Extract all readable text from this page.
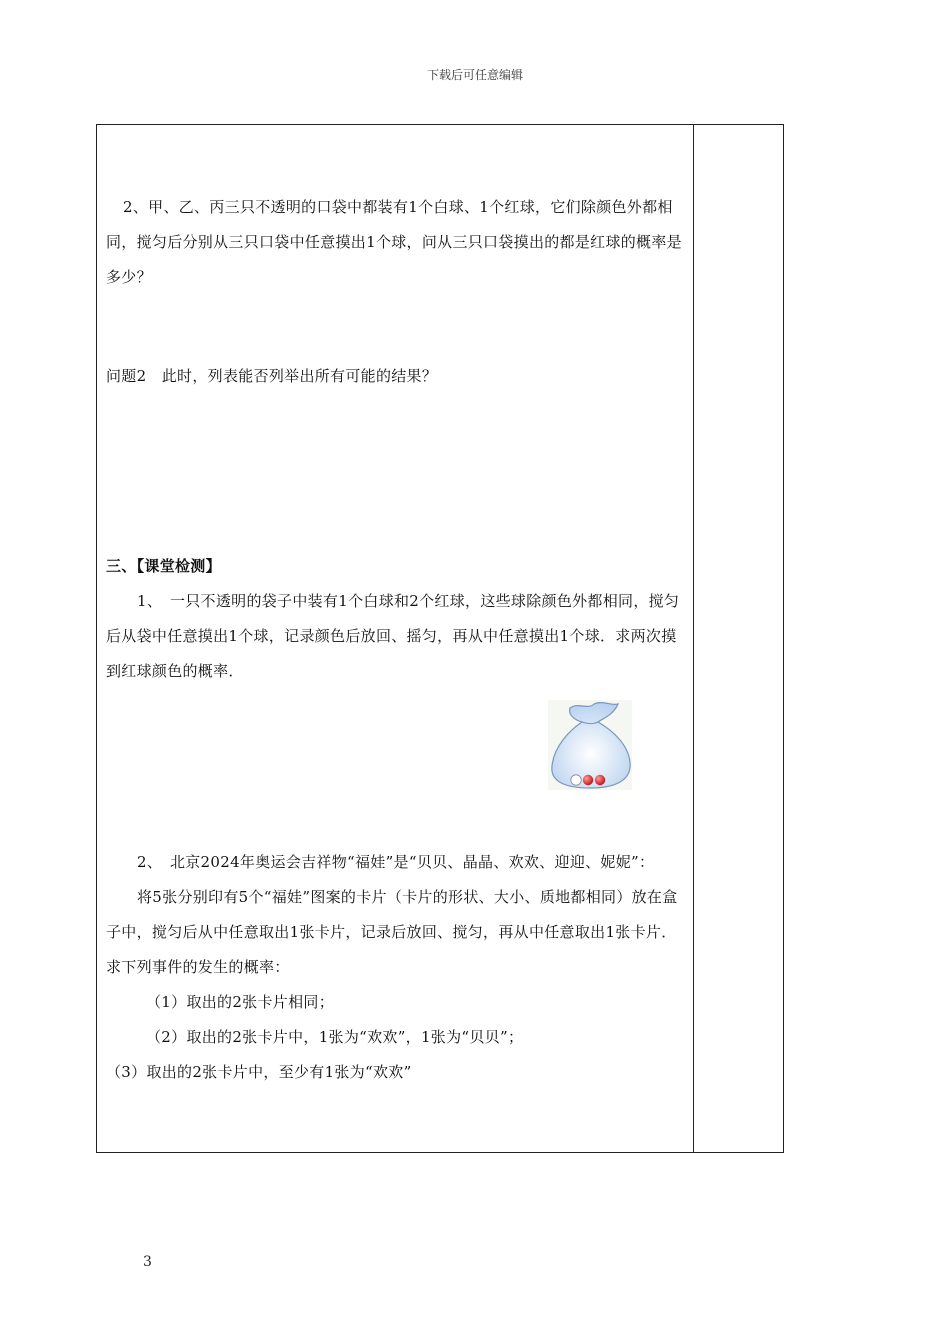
下载后可任意编辑

2、甲、乙、丙三只不透明的口袋中都装有1个白球、1个红球，它们除颜色外都相同，搅匀后分别从三只口袋中任意摸出1个球，问从三只口袋摸出的都是红球的概率是多少？

问题2　此时，列表能否列举出所有可能的结果？

三、【课堂检测】

1、　一只不透明的袋子中装有1个白球和2个红球，这些球除颜色外都相同，搅匀后从袋中任意摸出1个球，记录颜色后放回、摇匀，再从中任意摸出1个球．求两次摸到红球颜色的概率．

2、　北京2024年奥运会吉祥物“福娃”是“贝贝、晶晶、欢欢、迎迎、妮妮”：

将5张分别印有5个“福娃”图案的卡片（卡片的形状、大小、质地都相同）放在盒子中，搅匀后从中任意取出1张卡片，记录后放回、搅匀，再从中任意取出1张卡片．求下列事件的发生的概率：

（1）取出的2张卡片相同；

（2）取出的2张卡片中，1张为“欢欢”，1张为“贝贝”；

（3）取出的2张卡片中，至少有1张为“欢欢”

3
